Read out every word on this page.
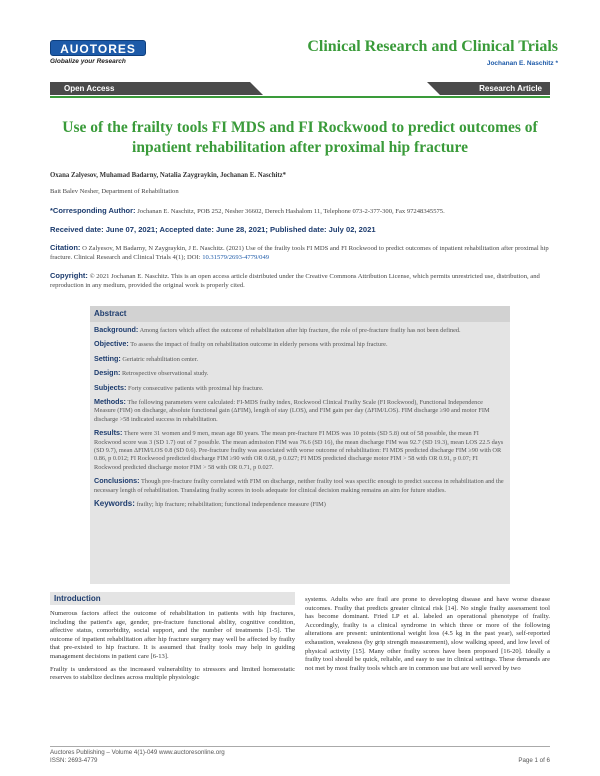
AUOTORES
Globalize your Research
Clinical Research and Clinical Trials
Jochanan E. Naschitz *
Open Access	Research Article
Use of the frailty tools FI MDS and FI Rockwood to predict outcomes of inpatient rehabilitation after proximal hip fracture
Oxana Zalyesov, Muhamad Badarny, Natalia Zaygraykin, Jochanan E. Naschitz*
Bait Balev Nesher, Department of Rehabilitation
*Corresponding Author: Jochanan E. Naschitz, POB 252, Nesher 36602, Derech Hashalom 11, Telephone 073-2-377-300, Fax 97248345575.
Received date: June 07, 2021; Accepted date: June 28, 2021; Published date: July 02, 2021
Citation: O Zalyesov, M Badarny, N Zaygraykin, J E. Naschitz. (2021) Use of the frailty tools FI MDS and FI Rockwood to predict outcomes of inpatient rehabilitation after proximal hip fracture. Clinical Research and Clinical Trials 4(1); DOI: 10.31579/2693-4779/049
Copyright: © 2021 Jochanan E. Naschitz. This is an open access article distributed under the Creative Commons Attribution License, which permits unrestricted use, distribution, and reproduction in any medium, provided the original work is properly cited.
Abstract

Background: Among factors which affect the outcome of rehabilitation after hip fracture, the role of pre-fracture frailty has not been defined.

Objective: To assess the impact of frailty on rehabilitation outcome in elderly persons with proximal hip fracture.

Setting: Geriatric rehabilitation center.

Design: Retrospective observational study.

Subjects: Forty consecutive patients with proximal hip fracture.

Methods: The following parameters were calculated: FI-MDS frailty index, Rockwood Clinical Frailty Scale (FI Rockwood), Functional Independence Measure (FIM) on discharge, absolute functional gain (ΔFIM), length of stay (LOS), and FIM gain per day (ΔFIM/LOS). FIM discharge ≥90 and motor FIM discharge >58 indicated success in rehabilitation.

Results: There were 31 women and 9 men, mean age 80 years. The mean pre-fracture FI MDS was 10 points (SD 5.8) out of 58 possible, the mean FI Rockwood score was 3 (SD 1.7) out of 7 possible. The mean admission FIM was 76.6 (SD 16), the mean discharge FIM was 92.7 (SD 19.3), mean LOS 22.5 days (SD 9.7), mean ΔFIM/LOS 0.8 (SD 0.6). Pre-fracture frailty was associated with worse outcome of rehabilitation: FI MDS predicted discharge FIM ≥90 with OR 0.86, p 0.012; FI Rockwood predicted discharge FIM ≥90 with OR 0.68, p 0.027; FI MDS predicted discharge motor FIM > 58 with OR 0.91, p 0.07; FI Rockwood predicted discharge motor FIM > 58 with OR 0.71, p 0.027.

Conclusions: Though pre-fracture frailty correlated with FIM on discharge, neither frailty tool was specific enough to predict success in rehabilitation and the necessary length of rehabilitation. Translating frailty scores in tools adequate for clinical decision making remains an aim for future studies.

Keywords: frailty; hip fracture; rehabilitation; functional independence measure (FIM)

Introduction

Numerous factors affect the outcome of rehabilitation in patients with hip fractures, including the patient's age, gender, pre-fracture functional ability, cognitive condition, affective status, comorbidity, social support, and the number of treatments [1-5]. The outcome of inpatient rehabilitation after hip fracture surgery may well be affected by frailty that pre-existed to hip fracture. It is assumed that frailty tools may help in guiding management decisions in patient care [6-13].

Frailty is understood as the increased vulnerability to stressors and limited homeostatic reserves to stabilize declines across multiple physiologic

systems. Adults who are frail are prone to developing disease and have worse disease outcomes. Frailty that predicts greater clinical risk [14]. No single frailty assessment tool has become dominant. Fried LP et al. labeled an operational phenotype of frailty. Accordingly, frailty is a clinical syndrome in which three or more of the following alterations are present: unintentional weight loss (4.5 kg in the past year), self-reported exhaustion, weakness (by grip strength measurement), slow walking speed, and low level of physical activity [15]. Many other frailty scores have been proposed [16-20]. Ideally a frailty tool should be quick, reliable, and easy to use in clinical settings. These demands are not met by most frailty tools which are in common use but are well served by two

Auctores Publishing – Volume 4(1)-049 www.auctoresonline.org
ISSN: 2693-4779	Page 1 of 6
